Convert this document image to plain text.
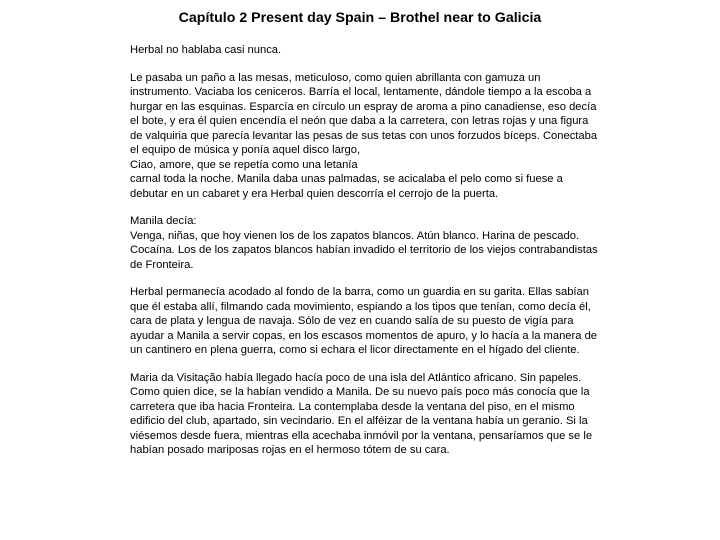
Capítulo 2 Present day Spain – Brothel near to Galicia

Herbal no hablaba casi nunca.

Le pasaba un paño a las mesas, meticuloso, como quien abrillanta con gamuza un instrumento. Vaciaba los ceniceros. Barría el local, lentamente, dándole tiempo a la escoba a hurgar en las esquinas. Esparcía en círculo un espray de aroma a pino canadiense, eso decía el bote, y era él quien encendía el neón que daba a la carretera, con letras rojas y una figura de valquiria que parecía levantar las pesas de sus tetas con unos forzudos bíceps. Conectaba el equipo de música y ponía aquel disco largo,
Ciao, amore, que se repetía como una letanía
carnal toda la noche. Manila daba unas palmadas, se acicalaba el pelo como si fuese a debutar en un cabaret y era Herbal quien descorría el cerrojo de la puerta.

Manila decía:
Venga, niñas, que hoy vienen los de los zapatos blancos. Atún blanco. Harina de pescado. Cocaína. Los de los zapatos blancos habían invadido el territorio de los viejos contrabandistas de Fronteira.

Herbal permanecía acodado al fondo de la barra, como un guardia en su garita. Ellas sabían que él estaba allí, filmando cada movimiento, espiando a los tipos que tenían, como decía él, cara de plata y lengua de navaja. Sólo de vez en cuando salía de su puesto de vigía para ayudar a Manila a servir copas, en los escasos momentos de apuro, y lo hacía a la manera de un cantinero en plena guerra, como si echara el licor directamente en el hígado del cliente.

Maria da Visitação había llegado hacía poco de una isla del Atlántico africano. Sin papeles. Como quien dice, se la habían vendido a Manila. De su nuevo país poco más conocía que la carretera que iba hacia Fronteira. La contemplaba desde la ventana del piso, en el mismo edificio del club, apartado, sin vecindario. En el alféizar de la ventana había un geranio. Si la viésemos desde fuera, mientras ella acechaba inmóvil por la ventana, pensaríamos que se le habían posado mariposas rojas en el hermoso tótem de su cara.
